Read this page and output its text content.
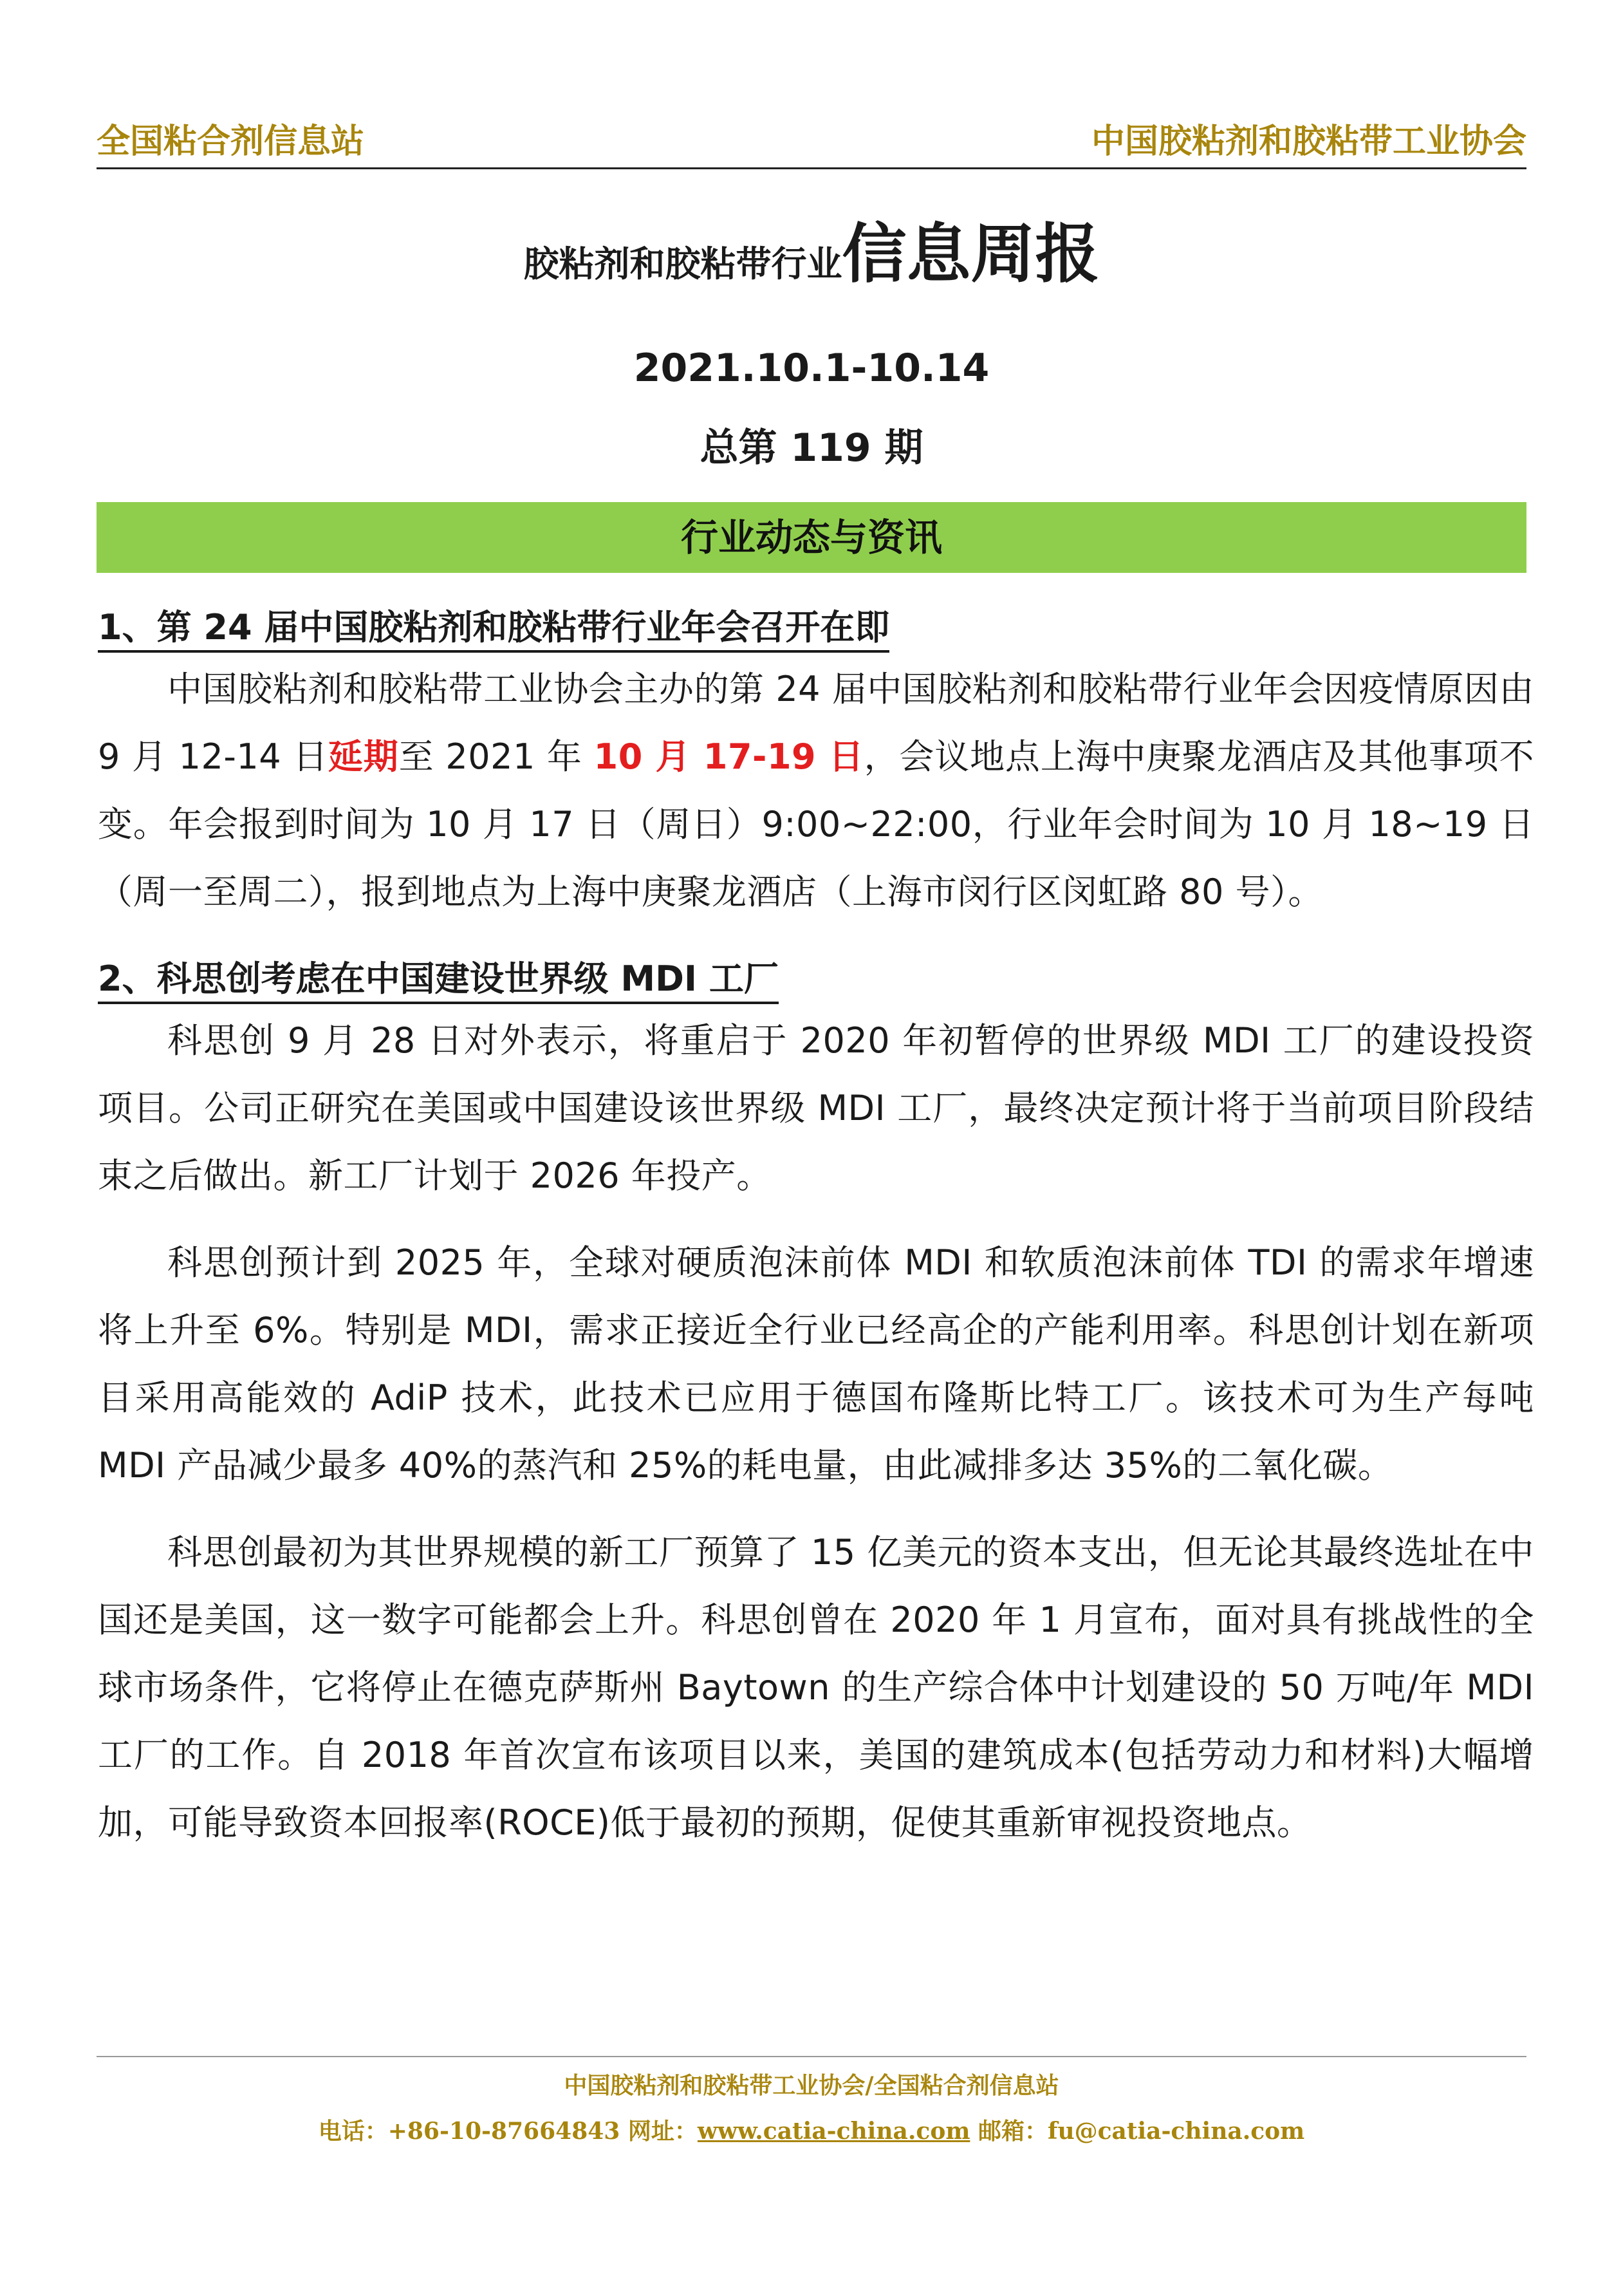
全国粘合剂信息站	中国胶粘剂和胶粘带工业协会
胶粘剂和胶粘带行业信息周报
2021.10.1-10.14
总第 119 期
行业动态与资讯
1、第 24 届中国胶粘剂和胶粘带行业年会召开在即

中国胶粘剂和胶粘带工业协会主办的第 24 届中国胶粘剂和胶粘带行业年会因疫情原因由 9 月 12-14 日延期至 2021 年 10 月 17-19 日，会议地点上海中庚聚龙酒店及其他事项不变。年会报到时间为 10 月 17 日（周日）9:00~22:00，行业年会时间为 10 月 18~19 日（周一至周二），报到地点为上海中庚聚龙酒店（上海市闵行区闵虹路 80 号）。

2、科思创考虑在中国建设世界级 MDI 工厂

科思创 9 月 28 日对外表示，将重启于 2020 年初暂停的世界级 MDI 工厂的建设投资项目。公司正研究在美国或中国建设该世界级 MDI 工厂，最终决定预计将于当前项目阶段结束之后做出。新工厂计划于 2026 年投产。

科思创预计到 2025 年，全球对硬质泡沫前体 MDI 和软质泡沫前体 TDI 的需求年增速将上升至 6%。特别是 MDI，需求正接近全行业已经高企的产能利用率。科思创计划在新项目采用高能效的 AdiP 技术，此技术已应用于德国布隆斯比特工厂。该技术可为生产每吨 MDI 产品减少最多 40%的蒸汽和 25%的耗电量，由此减排多达 35%的二氧化碳。

科思创最初为其世界规模的新工厂预算了 15 亿美元的资本支出，但无论其最终选址在中国还是美国，这一数字可能都会上升。科思创曾在 2020 年 1 月宣布，面对具有挑战性的全球市场条件，它将停止在德克萨斯州 Baytown 的生产综合体中计划建设的 50 万吨/年 MDI 工厂的工作。自 2018 年首次宣布该项目以来，美国的建筑成本(包括劳动力和材料)大幅增加，可能导致资本回报率(ROCE)低于最初的预期，促使其重新审视投资地点。

中国胶粘剂和胶粘带工业协会/全国粘合剂信息站
电话：+86-10-87664843 网址：www.catia-china.com 邮箱：fu@catia-china.com
